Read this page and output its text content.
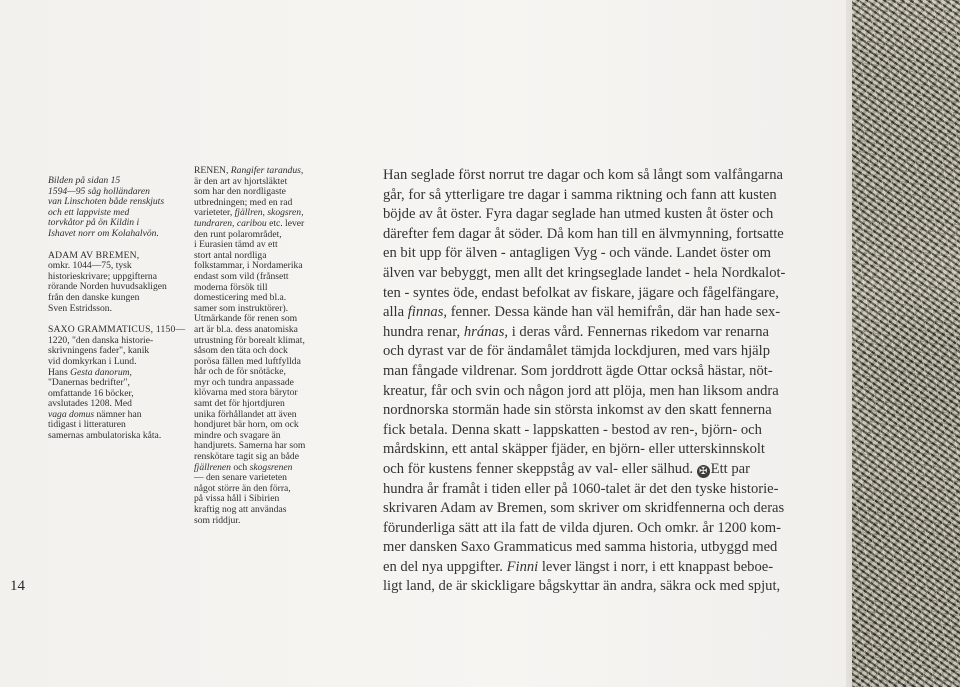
Bilden på sidan 15

1594—95 såg holländaren

van Linschoten både renskjuts

och ett lappviste med

torvkåtor på ön Kildin i

Ishavet norr om Kolahalvön.

ADAM AV BREMEN,

omkr. 1044—75, tysk

historieskrivare; uppgifterna

rörande Norden huvudsakligen

från den danske kungen

Sven Estridsson.

SAXO GRAMMATICUS, 1150—

1220, "den danska historie-

skrivningens fader", kanik

vid domkyrkan i Lund.

Hans Gesta danorum,

"Danernas bedrifter",

omfattande 16 böcker,

avslutades 1208. Med

vaga domus nämner han

tidigast i litteraturen

samernas ambulatoriska kåta.

RENEN, Rangifer tarandus,

är den art av hjortsläktet

som har den nordligaste

utbredningen; med en rad

varieteter, fjällren, skogsren,

tundraren, caribou etc. lever

den runt polarområdet,

i Eurasien tämd av ett

stort antal nordliga

folkstammar, i Nordamerika

endast som vild (frånsett

moderna försök till

domesticering med bl.a.

samer som instruktörer).

Utmärkande för renen som

art är bl.a. dess anatomiska

utrustning för borealt klimat,

såsom den täta och dock

porösa fällen med luftfyllda

hår och de för snötäcke,

myr och tundra anpassade

klövarna med stora bärytor

samt det för hjortdjuren

unika förhållandet att även

hondjuret bär horn, om ock

mindre och svagare än

handjurets. Samerna har som

renskötare tagit sig an både

fjällrenen och skogsrenen

— den senare varieteten

något större än den förra,

på vissa håll i Sibirien

kraftig nog att användas

som riddjur.

Han seglade först norrut tre dagar och kom så långt som valfångarna

går, for så ytterligare tre dagar i samma riktning och fann att kusten

böjde av åt öster. Fyra dagar seglade han utmed kusten åt öster och

därefter fem dagar åt söder. Då kom han till en älvmynning, fortsatte

en bit upp för älven - antagligen Vyg - och vände. Landet öster om

älven var bebyggt, men allt det kringseglade landet - hela Nordkalot-

ten - syntes öde, endast befolkat av fiskare, jägare och fågelfängare,

alla finnas, fenner. Dessa kände han väl hemifrån, där han hade sex-

hundra renar, hránas, i deras vård. Fennernas rikedom var renarna

och dyrast var de för ändamålet tämjda lockdjuren, med vars hjälp

man fångade vildrenar. Som jorddrott ägde Ottar också hästar, nöt-

kreatur, får och svin och någon jord att plöja, men han liksom andra

nordnorska stormän hade sin största inkomst av den skatt fennerna

fick betala. Denna skatt - lappskatten - bestod av ren-, björn- och

mårdskinn, ett antal skäpper fjäder, en björn- eller utterskinnskolt

och för kustens fenner skeppståg av val- eller sälhud. ✠ Ett par

hundra år framåt i tiden eller på 1060-talet är det den tyske historie-

skrivaren Adam av Bremen, som skriver om skridfennerna och deras

förunderliga sätt att ila fatt de vilda djuren. Och omkr. år 1200 kom-

mer dansken Saxo Grammaticus med samma historia, utbyggd med

en del nya uppgifter. Finni lever längst i norr, i ett knappast beboe-

ligt land, de är skickligare bågskyttar än andra, säkra ock med spjut,

14
